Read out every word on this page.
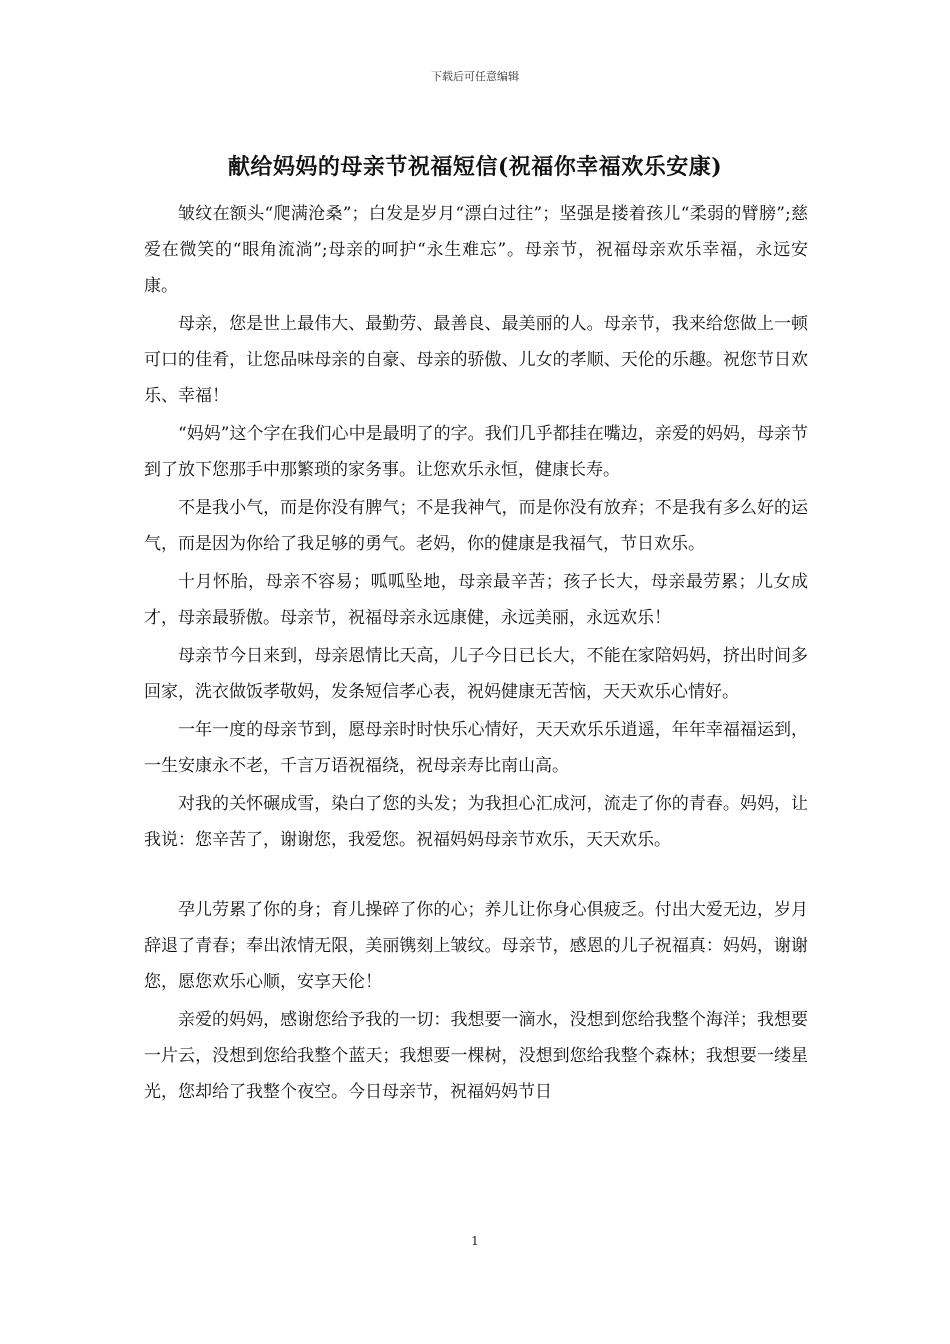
下载后可任意编辑
献给妈妈的母亲节祝福短信(祝福你幸福欢乐安康)

皱纹在额头“爬满沧桑”；白发是岁月“漂白过往”；坚强是搂着孩儿“柔弱的臂膀”;慈爱在微笑的“眼角流淌”;母亲的呵护“永生难忘”。母亲节，祝福母亲欢乐幸福，永远安康。

母亲，您是世上最伟大、最勤劳、最善良、最美丽的人。母亲节，我来给您做上一顿可口的佳肴，让您品味母亲的自豪、母亲的骄傲、儿女的孝顺、天伦的乐趣。祝您节日欢乐、幸福！

“妈妈”这个字在我们心中是最明了的字。我们几乎都挂在嘴边，亲爱的妈妈，母亲节到了放下您那手中那繁琐的家务事。让您欢乐永恒，健康长寿。

不是我小气，而是你没有脾气；不是我神气，而是你没有放弃；不是我有多么好的运气，而是因为你给了我足够的勇气。老妈，你的健康是我福气，节日欢乐。

十月怀胎，母亲不容易；呱呱坠地，母亲最辛苦；孩子长大，母亲最劳累；儿女成才，母亲最骄傲。母亲节，祝福母亲永远康健，永远美丽，永远欢乐！

母亲节今日来到，母亲恩情比天高，儿子今日已长大，不能在家陪妈妈，挤出时间多回家，洗衣做饭孝敬妈，发条短信孝心表，祝妈健康无苦恼，天天欢乐心情好。

一年一度的母亲节到，愿母亲时时快乐心情好，天天欢乐乐逍遥，年年幸福福运到，一生安康永不老，千言万语祝福绕，祝母亲寿比南山高。

对我的关怀碾成雪，染白了您的头发；为我担心汇成河，流走了你的青春。妈妈，让我说：您辛苦了，谢谢您，我爱您。祝福妈妈母亲节欢乐，天天欢乐。

孕儿劳累了你的身；育儿操碎了你的心；养儿让你身心俱疲乏。付出大爱无边，岁月辞退了青春；奉出浓情无限，美丽镌刻上皱纹。母亲节，感恩的儿子祝福真：妈妈，谢谢您，愿您欢乐心顺，安享天伦！

亲爱的妈妈，感谢您给予我的一切：我想要一滴水，没想到您给我整个海洋；我想要一片云，没想到您给我整个蓝天；我想要一棵树，没想到您给我整个森林；我想要一缕星光，您却给了我整个夜空。今日母亲节，祝福妈妈节日

1
